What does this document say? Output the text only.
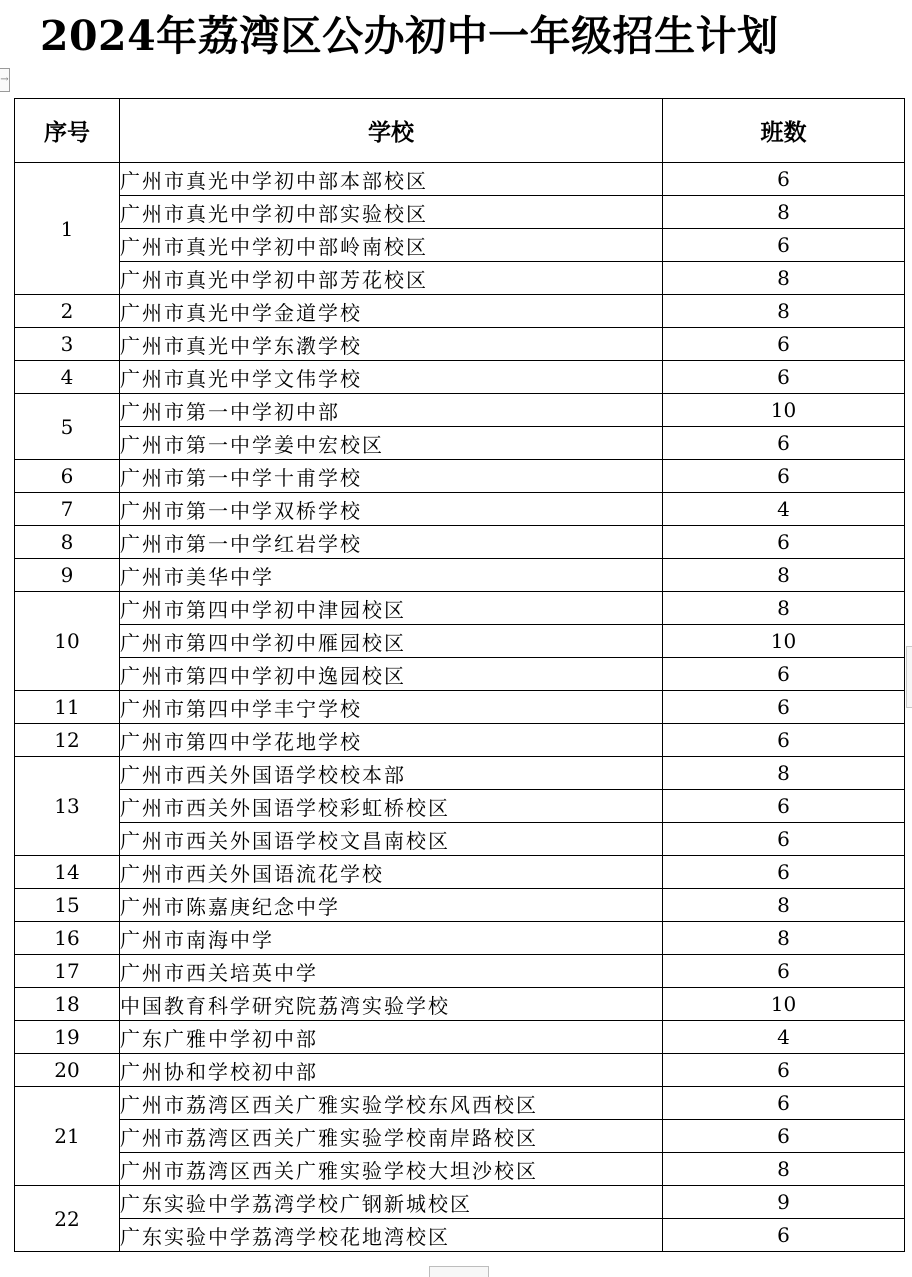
2024年荔湾区公办初中一年级招生计划
→
序号	学校	班数
1	广州市真光中学初中部本部校区	6
	广州市真光中学初中部实验校区	8
	广州市真光中学初中部岭南校区	6
	广州市真光中学初中部芳花校区	8
2	广州市真光中学金道学校	8
3	广州市真光中学东漖学校	6
4	广州市真光中学文伟学校	6
5	广州市第一中学初中部	10
	广州市第一中学姜中宏校区	6
6	广州市第一中学十甫学校	6
7	广州市第一中学双桥学校	4
8	广州市第一中学红岩学校	6
9	广州市美华中学	8
10	广州市第四中学初中津园校区	8
	广州市第四中学初中雁园校区	10
	广州市第四中学初中逸园校区	6
11	广州市第四中学丰宁学校	6
12	广州市第四中学花地学校	6
13	广州市西关外国语学校校本部	8
	广州市西关外国语学校彩虹桥校区	6
	广州市西关外国语学校文昌南校区	6
14	广州市西关外国语流花学校	6
15	广州市陈嘉庚纪念中学	8
16	广州市南海中学	8
17	广州市西关培英中学	6
18	中国教育科学研究院荔湾实验学校	10
19	广东广雅中学初中部	4
20	广州协和学校初中部	6
21	广州市荔湾区西关广雅实验学校东风西校区	6
	广州市荔湾区西关广雅实验学校南岸路校区	6
	广州市荔湾区西关广雅实验学校大坦沙校区	8
22	广东实验中学荔湾学校广钢新城校区	9
	广东实验中学荔湾学校花地湾校区	6
